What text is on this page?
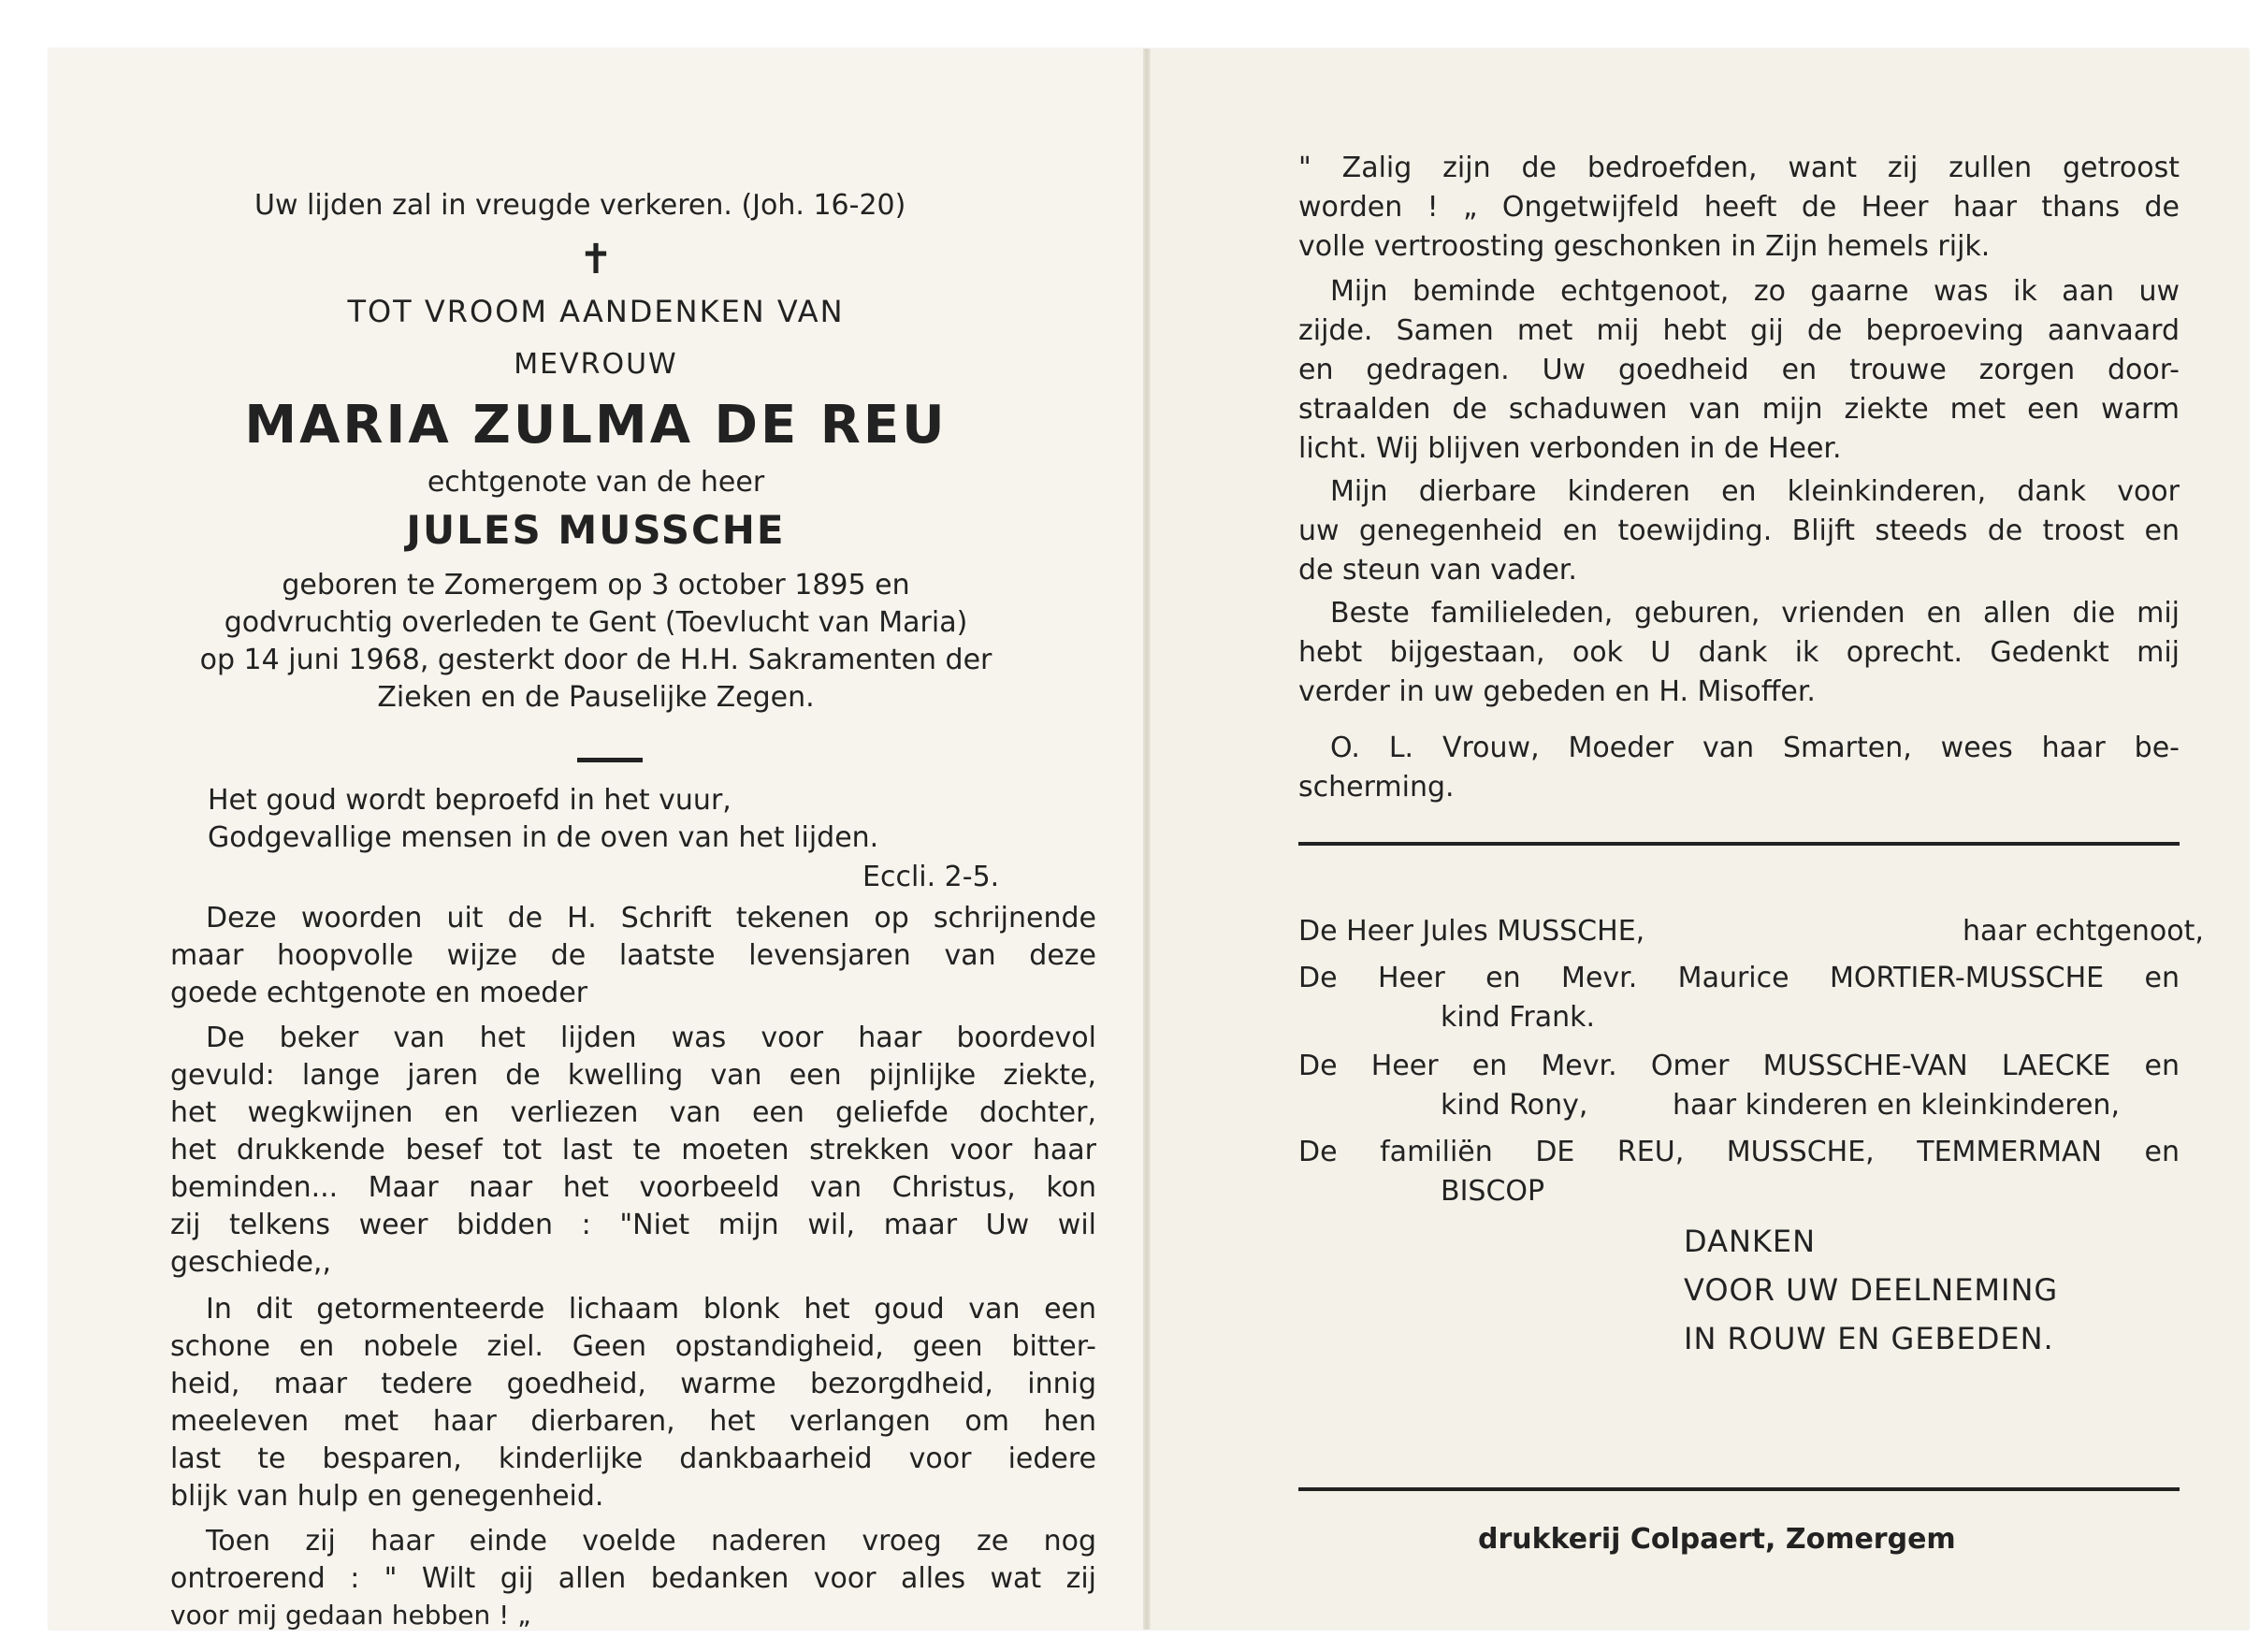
Uw lijden zal in vreugde verkeren. (Joh. 16-20)
✝
TOT VROOM AANDENKEN VAN
MEVROUW
MARIA ZULMA DE REU
echtgenote van de heer
JULES MUSSCHE
geboren te Zomergem op 3 october 1895 en
godvruchtig overleden te Gent (Toevlucht van Maria)
op 14 juni 1968, gesterkt door de H.H. Sakramenten der
Zieken en de Pauselijke Zegen.
Het goud wordt beproefd in het vuur,
Godgevallige mensen in de oven van het lijden.
Eccli. 2-5.
Deze woorden uit de H. Schrift tekenen op schrijnende
maar hoopvolle wijze de laatste levensjaren van deze
goede echtgenote en moeder
De beker van het lijden was voor haar boordevol
gevuld: lange jaren de kwelling van een pijnlijke ziekte,
het wegkwijnen en verliezen van een geliefde dochter,
het drukkende besef tot last te moeten strekken voor haar
beminden... Maar naar het voorbeeld van Christus, kon
zij telkens weer bidden : "Niet mijn wil, maar Uw wil
geschiede,,
In dit getormenteerde lichaam blonk het goud van een
schone en nobele ziel. Geen opstandigheid, geen bitter-
heid, maar tedere goedheid, warme bezorgdheid, innig
meeleven met haar dierbaren, het verlangen om hen
last te besparen, kinderlijke dankbaarheid voor iedere
blijk van hulp en genegenheid.
Toen zij haar einde voelde naderen vroeg ze nog
ontroerend : " Wilt gij allen bedanken voor alles wat zij
voor mij gedaan hebben ! „
" Zalig zijn de bedroefden, want zij zullen getroost
worden ! „ Ongetwijfeld heeft de Heer haar thans de
volle vertroosting geschonken in Zijn hemels rijk.
Mijn beminde echtgenoot, zo gaarne was ik aan uw
zijde. Samen met mij hebt gij de beproeving aanvaard
en gedragen. Uw goedheid en trouwe zorgen door-
straalden de schaduwen van mijn ziekte met een warm
licht. Wij blijven verbonden in de Heer.
Mijn dierbare kinderen en kleinkinderen, dank voor
uw genegenheid en toewijding. Blijft steeds de troost en
de steun van vader.
Beste familieleden, geburen, vrienden en allen die mij
hebt bijgestaan, ook U dank ik oprecht. Gedenkt mij
verder in uw gebeden en H. Misoffer.
O. L. Vrouw, Moeder van Smarten, wees haar be-
scherming.
De Heer Jules MUSSCHE,	haar echtgenoot,
De Heer en Mevr. Maurice MORTIER-MUSSCHE en
kind Frank.
De Heer en Mevr. Omer MUSSCHE-VAN LAECKE en
kind Rony,	haar kinderen en kleinkinderen,
De familiën DE REU, MUSSCHE, TEMMERMAN en
BISCOP
DANKEN
VOOR UW DEELNEMING
IN ROUW EN GEBEDEN.
drukkerij Colpaert, Zomergem
